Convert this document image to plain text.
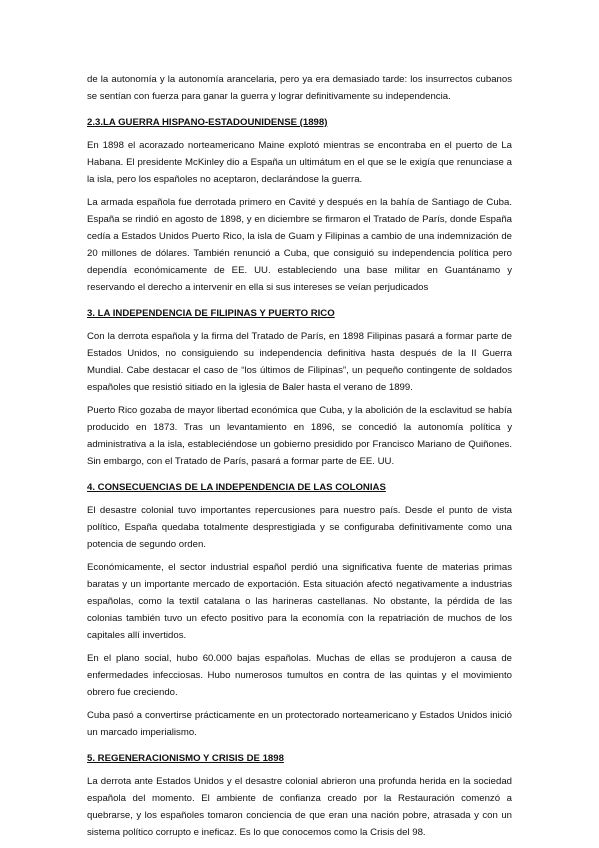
de la autonomía y la autonomía arancelaria, pero ya era demasiado tarde: los insurrectos cubanos se sentían con fuerza para ganar la guerra y lograr definitivamente su independencia.

2.3.LA GUERRA HISPANO-ESTADOUNIDENSE (1898)

En 1898 el acorazado norteamericano Maine explotó mientras se encontraba en el puerto de La Habana. El presidente McKinley dio a España un ultimátum en el que se le exigía que renunciase a la isla, pero los españoles no aceptaron, declarándose la guerra.

La armada española fue derrotada primero en Cavité y después en la bahía de Santiago de Cuba. España se rindió en agosto de 1898, y en diciembre se firmaron el Tratado de París, donde España cedía a Estados Unidos Puerto Rico, la isla de Guam y Filipinas a cambio de una indemnización de 20 millones de dólares. También renunció a Cuba, que consiguió su independencia política pero dependía económicamente de EE. UU. estableciendo una base militar en Guantánamo y reservando el derecho a intervenir en ella si sus intereses se veían perjudicados

3. LA INDEPENDENCIA DE FILIPINAS Y PUERTO RICO

Con la derrota española y la firma del Tratado de París, en 1898 Filipinas pasará a formar parte de Estados Unidos, no consiguiendo su independencia definitiva hasta después de la II Guerra Mundial. Cabe destacar el caso de “los últimos de Filipinas”, un pequeño contingente de soldados españoles que resistió sitiado en la iglesia de Baler hasta el verano de 1899.

Puerto Rico gozaba de mayor libertad económica que Cuba, y la abolición de la esclavitud se había producido en 1873. Tras un levantamiento en 1896, se concedió la autonomía política y administrativa a la isla, estableciéndose un gobierno presidido por Francisco Mariano de Quiñones. Sin embargo, con el Tratado de París, pasará a formar parte de EE. UU.

4. CONSECUENCIAS DE LA INDEPENDENCIA DE LAS COLONIAS

El desastre colonial tuvo importantes repercusiones para nuestro país. Desde el punto de vista político, España quedaba totalmente desprestigiada y se configuraba definitivamente como una potencia de segundo orden.

Económicamente, el sector industrial español perdió una significativa fuente de materias primas baratas y un importante mercado de exportación. Esta situación afectó negativamente a industrias españolas, como la textil catalana o las harineras castellanas. No obstante, la pérdida de las colonias también tuvo un efecto positivo para la economía con la repatriación de muchos de los capitales allí invertidos.

En el plano social, hubo 60.000 bajas españolas. Muchas de ellas se produjeron a causa de enfermedades infecciosas. Hubo numerosos tumultos en contra de las quintas y el movimiento obrero fue creciendo.

Cuba pasó a convertirse prácticamente en un protectorado norteamericano y Estados Unidos inició un marcado imperialismo.

5. REGENERACIONISMO Y CRISIS DE 1898

La derrota ante Estados Unidos y el desastre colonial abrieron una profunda herida en la sociedad española del momento. El ambiente de confianza creado por la Restauración comenzó a quebrarse, y los españoles tomaron conciencia de que eran una nación pobre, atrasada y con un sistema político corrupto e ineficaz. Es lo que conocemos como la Crisis del 98.
